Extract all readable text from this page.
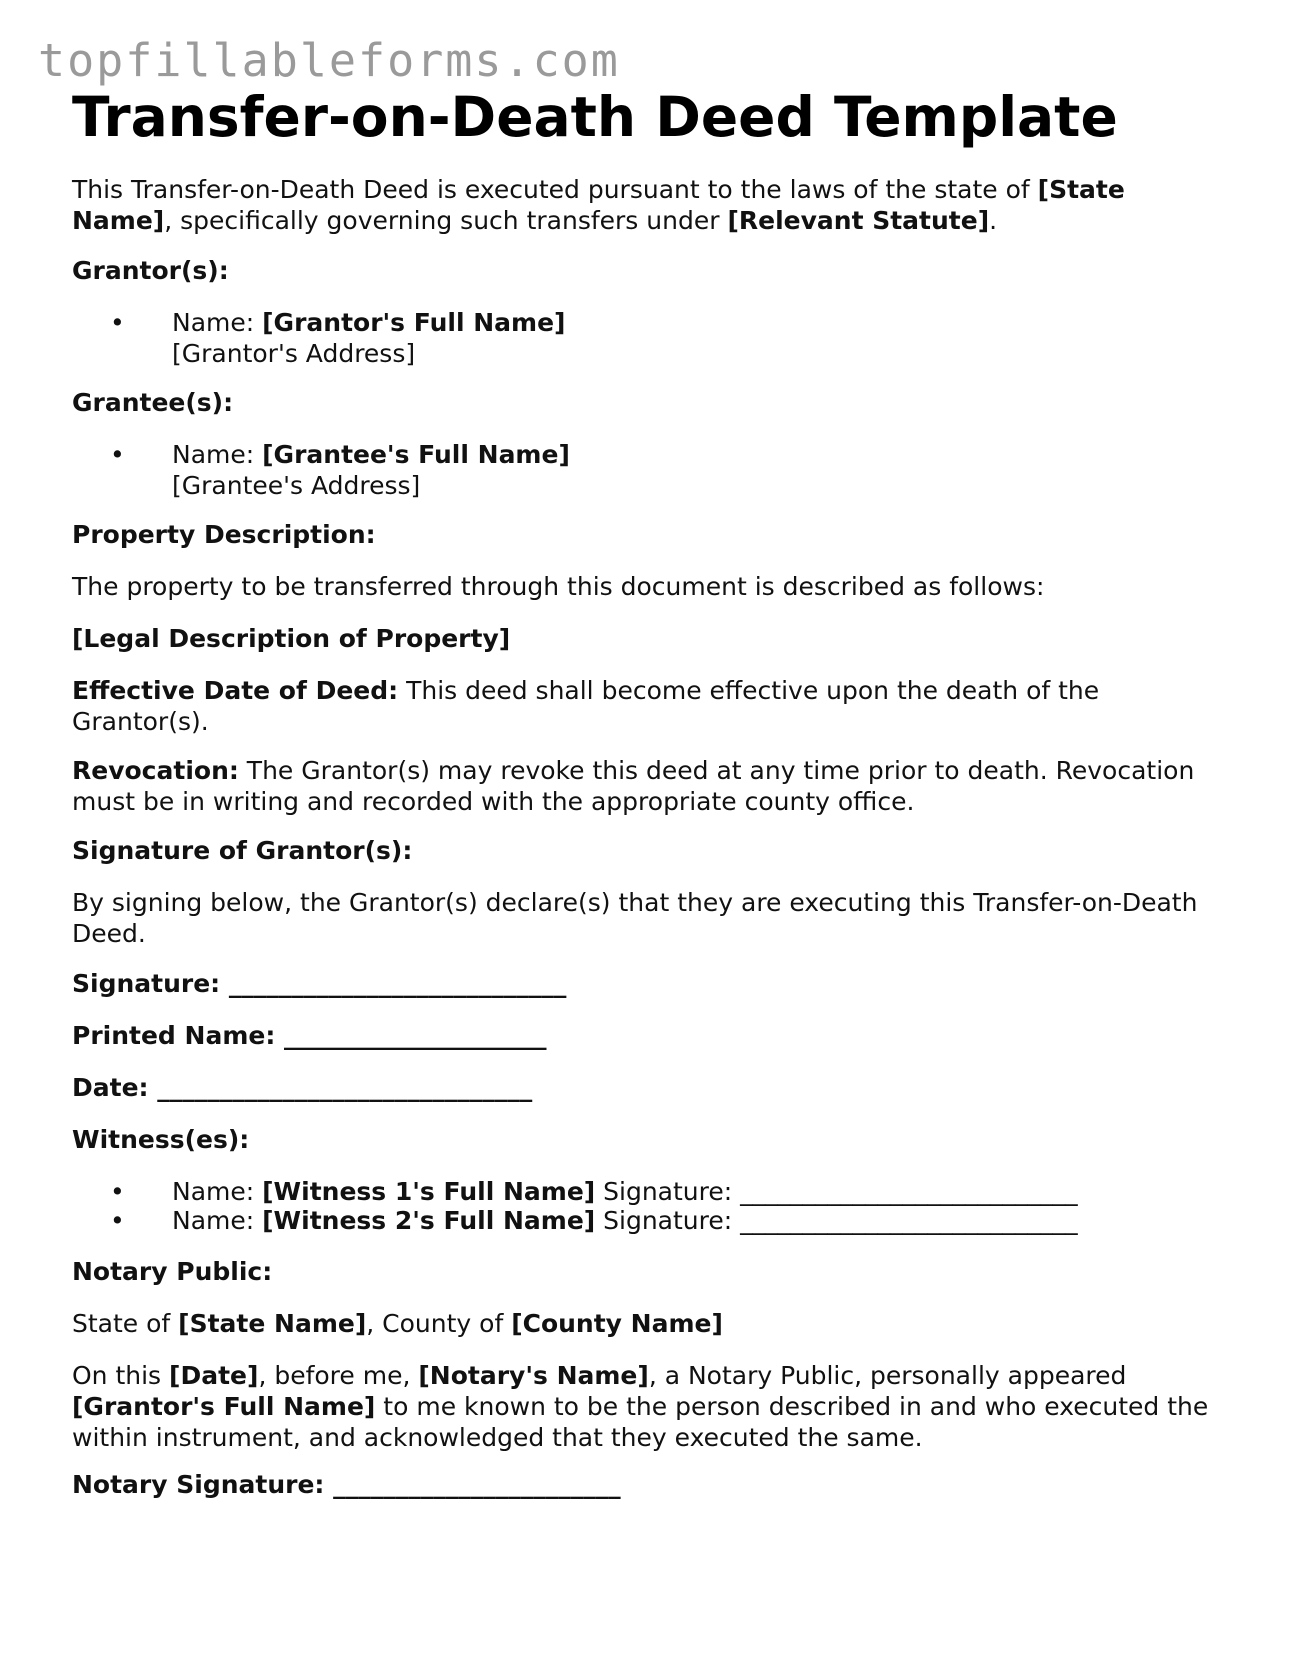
topfillableforms.com
Transfer-on-Death Deed Template
This Transfer-on-Death Deed is executed pursuant to the laws of the state of [State Name], specifically governing such transfers under [Relevant Statute].
Grantor(s):
• Name: [Grantor's Full Name]
[Grantor's Address]
Grantee(s):
• Name: [Grantee's Full Name]
[Grantee's Address]
Property Description:
The property to be transferred through this document is described as follows:
[Legal Description of Property]
Effective Date of Deed: This deed shall become effective upon the death of the Grantor(s).
Revocation: The Grantor(s) may revoke this deed at any time prior to death. Revocation must be in writing and recorded with the appropriate county office.
Signature of Grantor(s):
By signing below, the Grantor(s) declare(s) that they are executing this Transfer-on-Death Deed.
Signature: ___________________________
Printed Name: _____________________
Date: ______________________________
Witness(es):
• Name: [Witness 1's Full Name] Signature: ___________________________
• Name: [Witness 2's Full Name] Signature: ___________________________
Notary Public:
State of [State Name], County of [County Name]
On this [Date], before me, [Notary's Name], a Notary Public, personally appeared [Grantor's Full Name] to me known to be the person described in and who executed the within instrument, and acknowledged that they executed the same.
Notary Signature: _______________________
